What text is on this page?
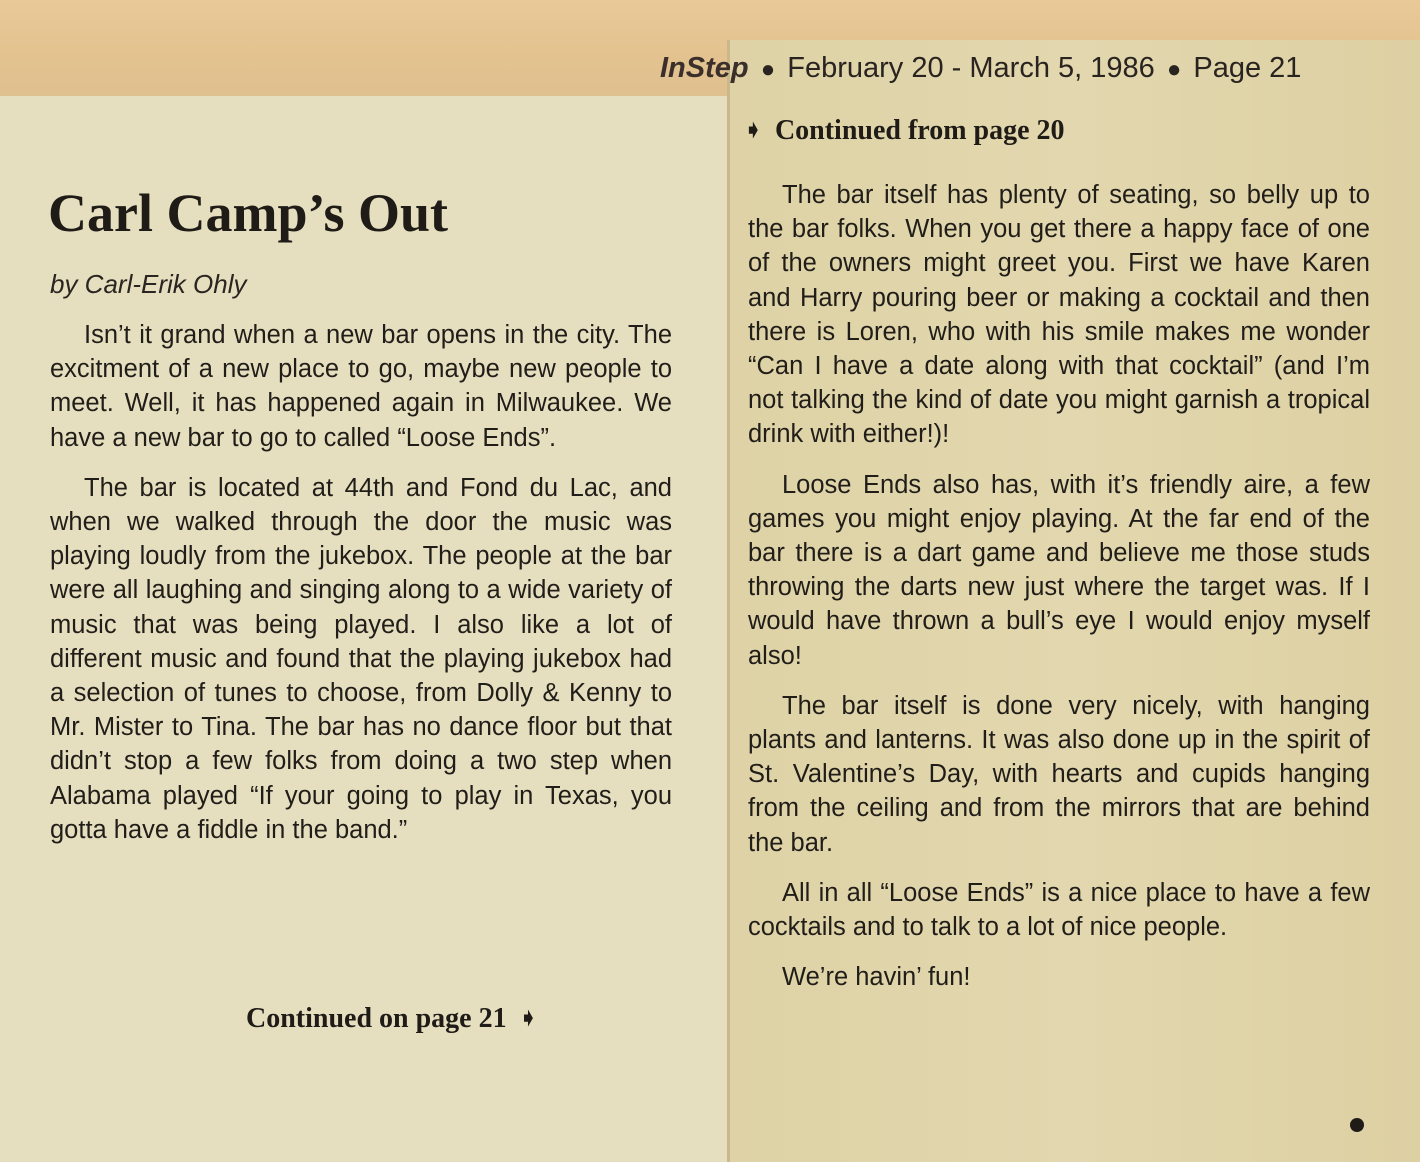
InStep ● February 20 - March 5, 1986 ● Page 21
Carl Camp’s Out
by Carl-Erik Ohly

Isn’t it grand when a new bar opens in the city. The excitment of a new place to go, maybe new people to meet. Well, it has happened again in Milwaukee. We have a new bar to go to called “Loose Ends”.

The bar is located at 44th and Fond du Lac, and when we walked through the door the music was playing loudly from the jukebox. The people at the bar were all laughing and singing along to a wide variety of music that was being played. I also like a lot of different music and found that the playing jukebox had a selection of tunes to choose, from Dolly & Kenny to Mr. Mister to Tina. The bar has no dance floor but that didn’t stop a few folks from doing a two step when Alabama played “If your going to play in Texas, you gotta have a fiddle in the band.”

Continued on page 21  ➧
➧  Continued from page 20

The bar itself has plenty of seating, so belly up to the bar folks. When you get there a happy face of one of the owners might greet you. First we have Karen and Harry pouring beer or making a cocktail and then there is Loren, who with his smile makes me wonder “Can I have a date along with that cocktail” (and I’m not talking the kind of date you might garnish a tropical drink with either!)!

Loose Ends also has, with it’s friendly aire, a few games you might enjoy playing. At the far end of the bar there is a dart game and believe me those studs throwing the darts new just where the target was. If I would have thrown a bull’s eye I would enjoy myself also!

The bar itself is done very nicely, with hanging plants and lanterns. It was also done up in the spirit of St. Valentine’s Day, with hearts and cupids hanging from the ceiling and from the mirrors that are behind the bar.

All in all “Loose Ends” is a nice place to have a few cocktails and to talk to a lot of nice people.

We’re havin’ fun!
